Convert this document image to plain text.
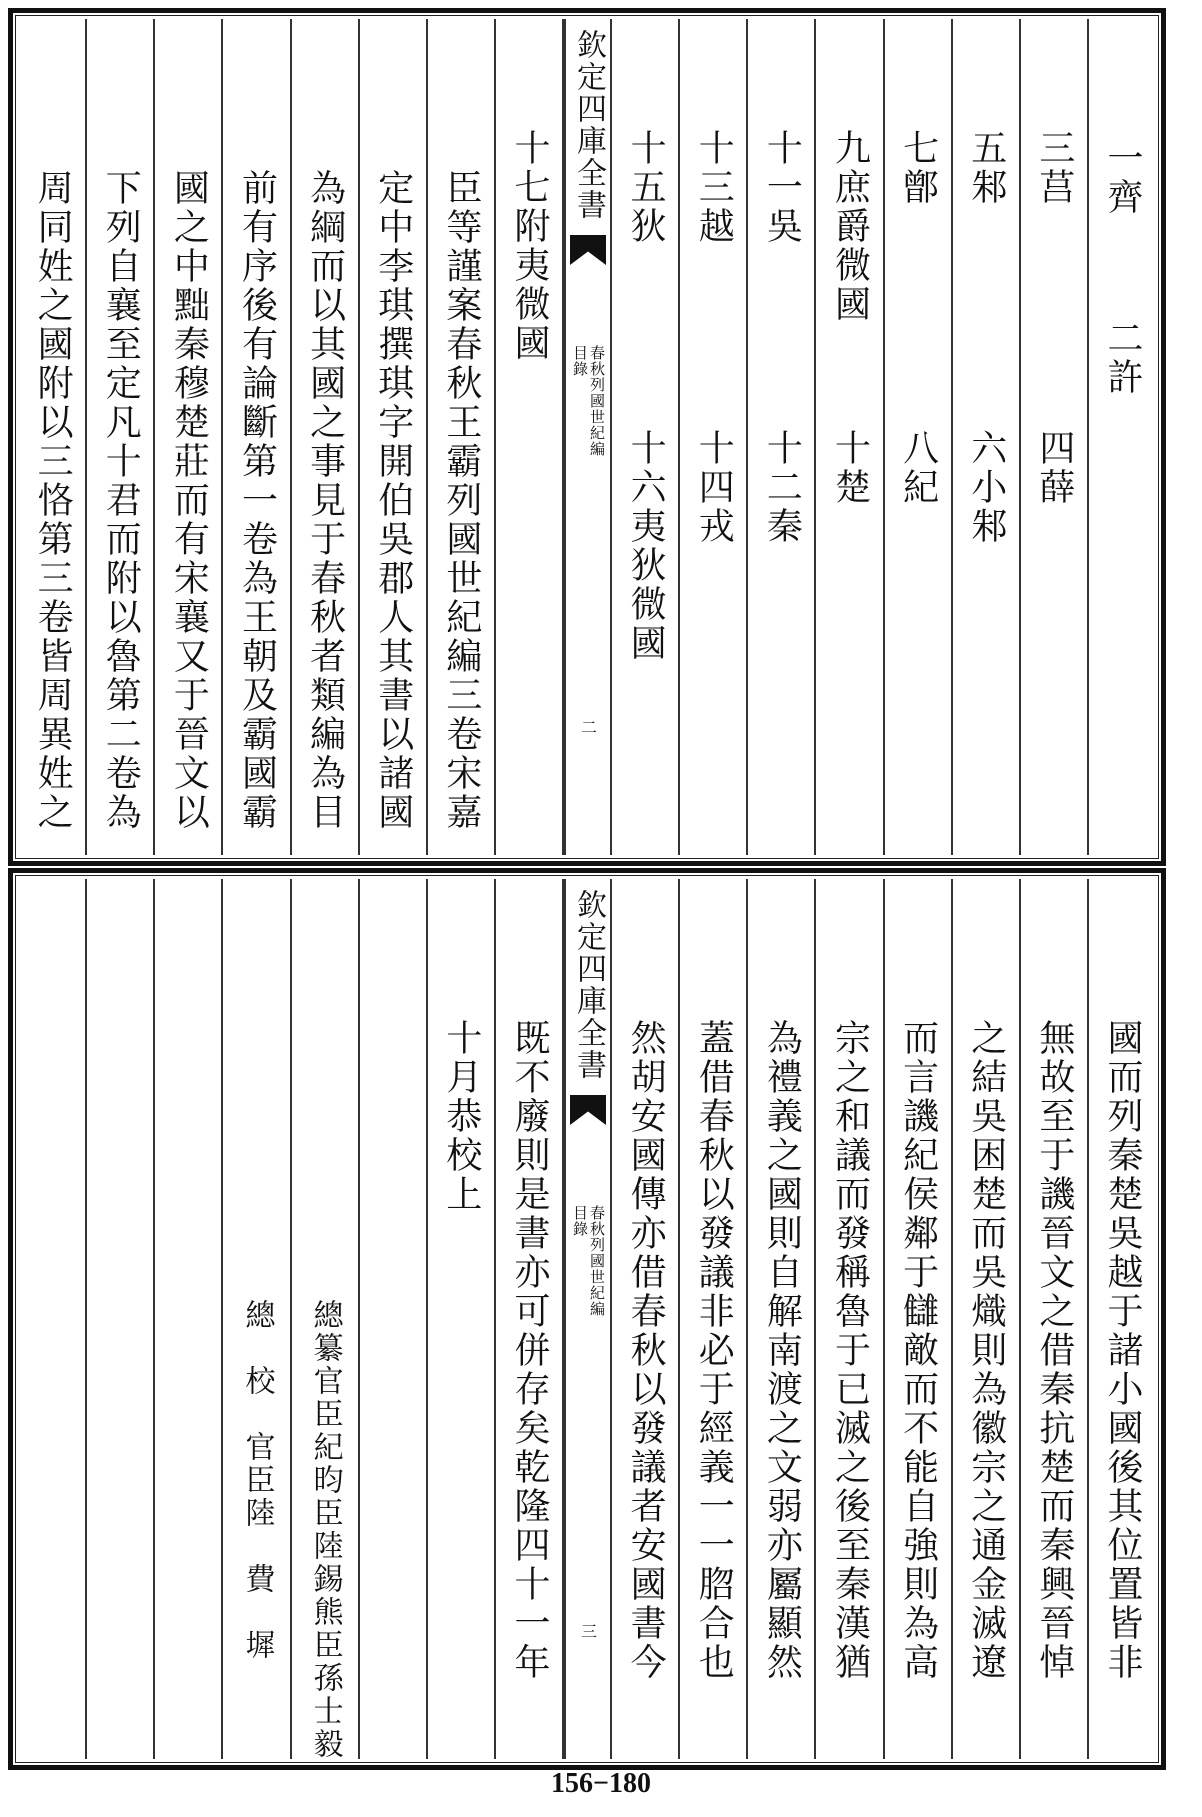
一齊
二許
三莒
四薛
五邾
六小邾
七鄫
八紀
九庶爵微國
十楚
十一吳
十二秦
十三越
十四戎
十五狄
十六夷狄微國
欽定四庫全書
春秋列國世紀編
目錄
二
十七附夷微國
臣等謹案春秋王霸列國世紀編三卷宋嘉
定中李琪撰琪字開伯吳郡人其書以諸國
為綱而以其國之事見于春秋者類編為目
前有序後有論斷第一卷為王朝及霸國霸
國之中黜秦穆楚莊而有宋襄又于晉文以
下列自襄至定凡十君而附以魯第二卷為
周同姓之國附以三恪第三卷皆周異姓之
國而列秦楚吳越于諸小國後其位置皆非
無故至于譏晉文之借秦抗楚而秦興晉悼
之結吳困楚而吳熾則為徽宗之通金滅遼
而言譏紀侯鄰于讎敵而不能自強則為高
宗之和議而發稱魯于已滅之後至秦漢猶
為禮義之國則自解南渡之文弱亦屬顯然
蓋借春秋以發議非必于經義一一脗合也
然胡安國傳亦借春秋以發議者安國書今
欽定四庫全書
春秋列國世紀編
目錄
三
既不廢則是書亦可併存矣乾隆四十一年
十月恭校上
總纂官臣紀昀臣陸錫熊臣孫士毅
總　校　官臣陸　費　墀
156−180
